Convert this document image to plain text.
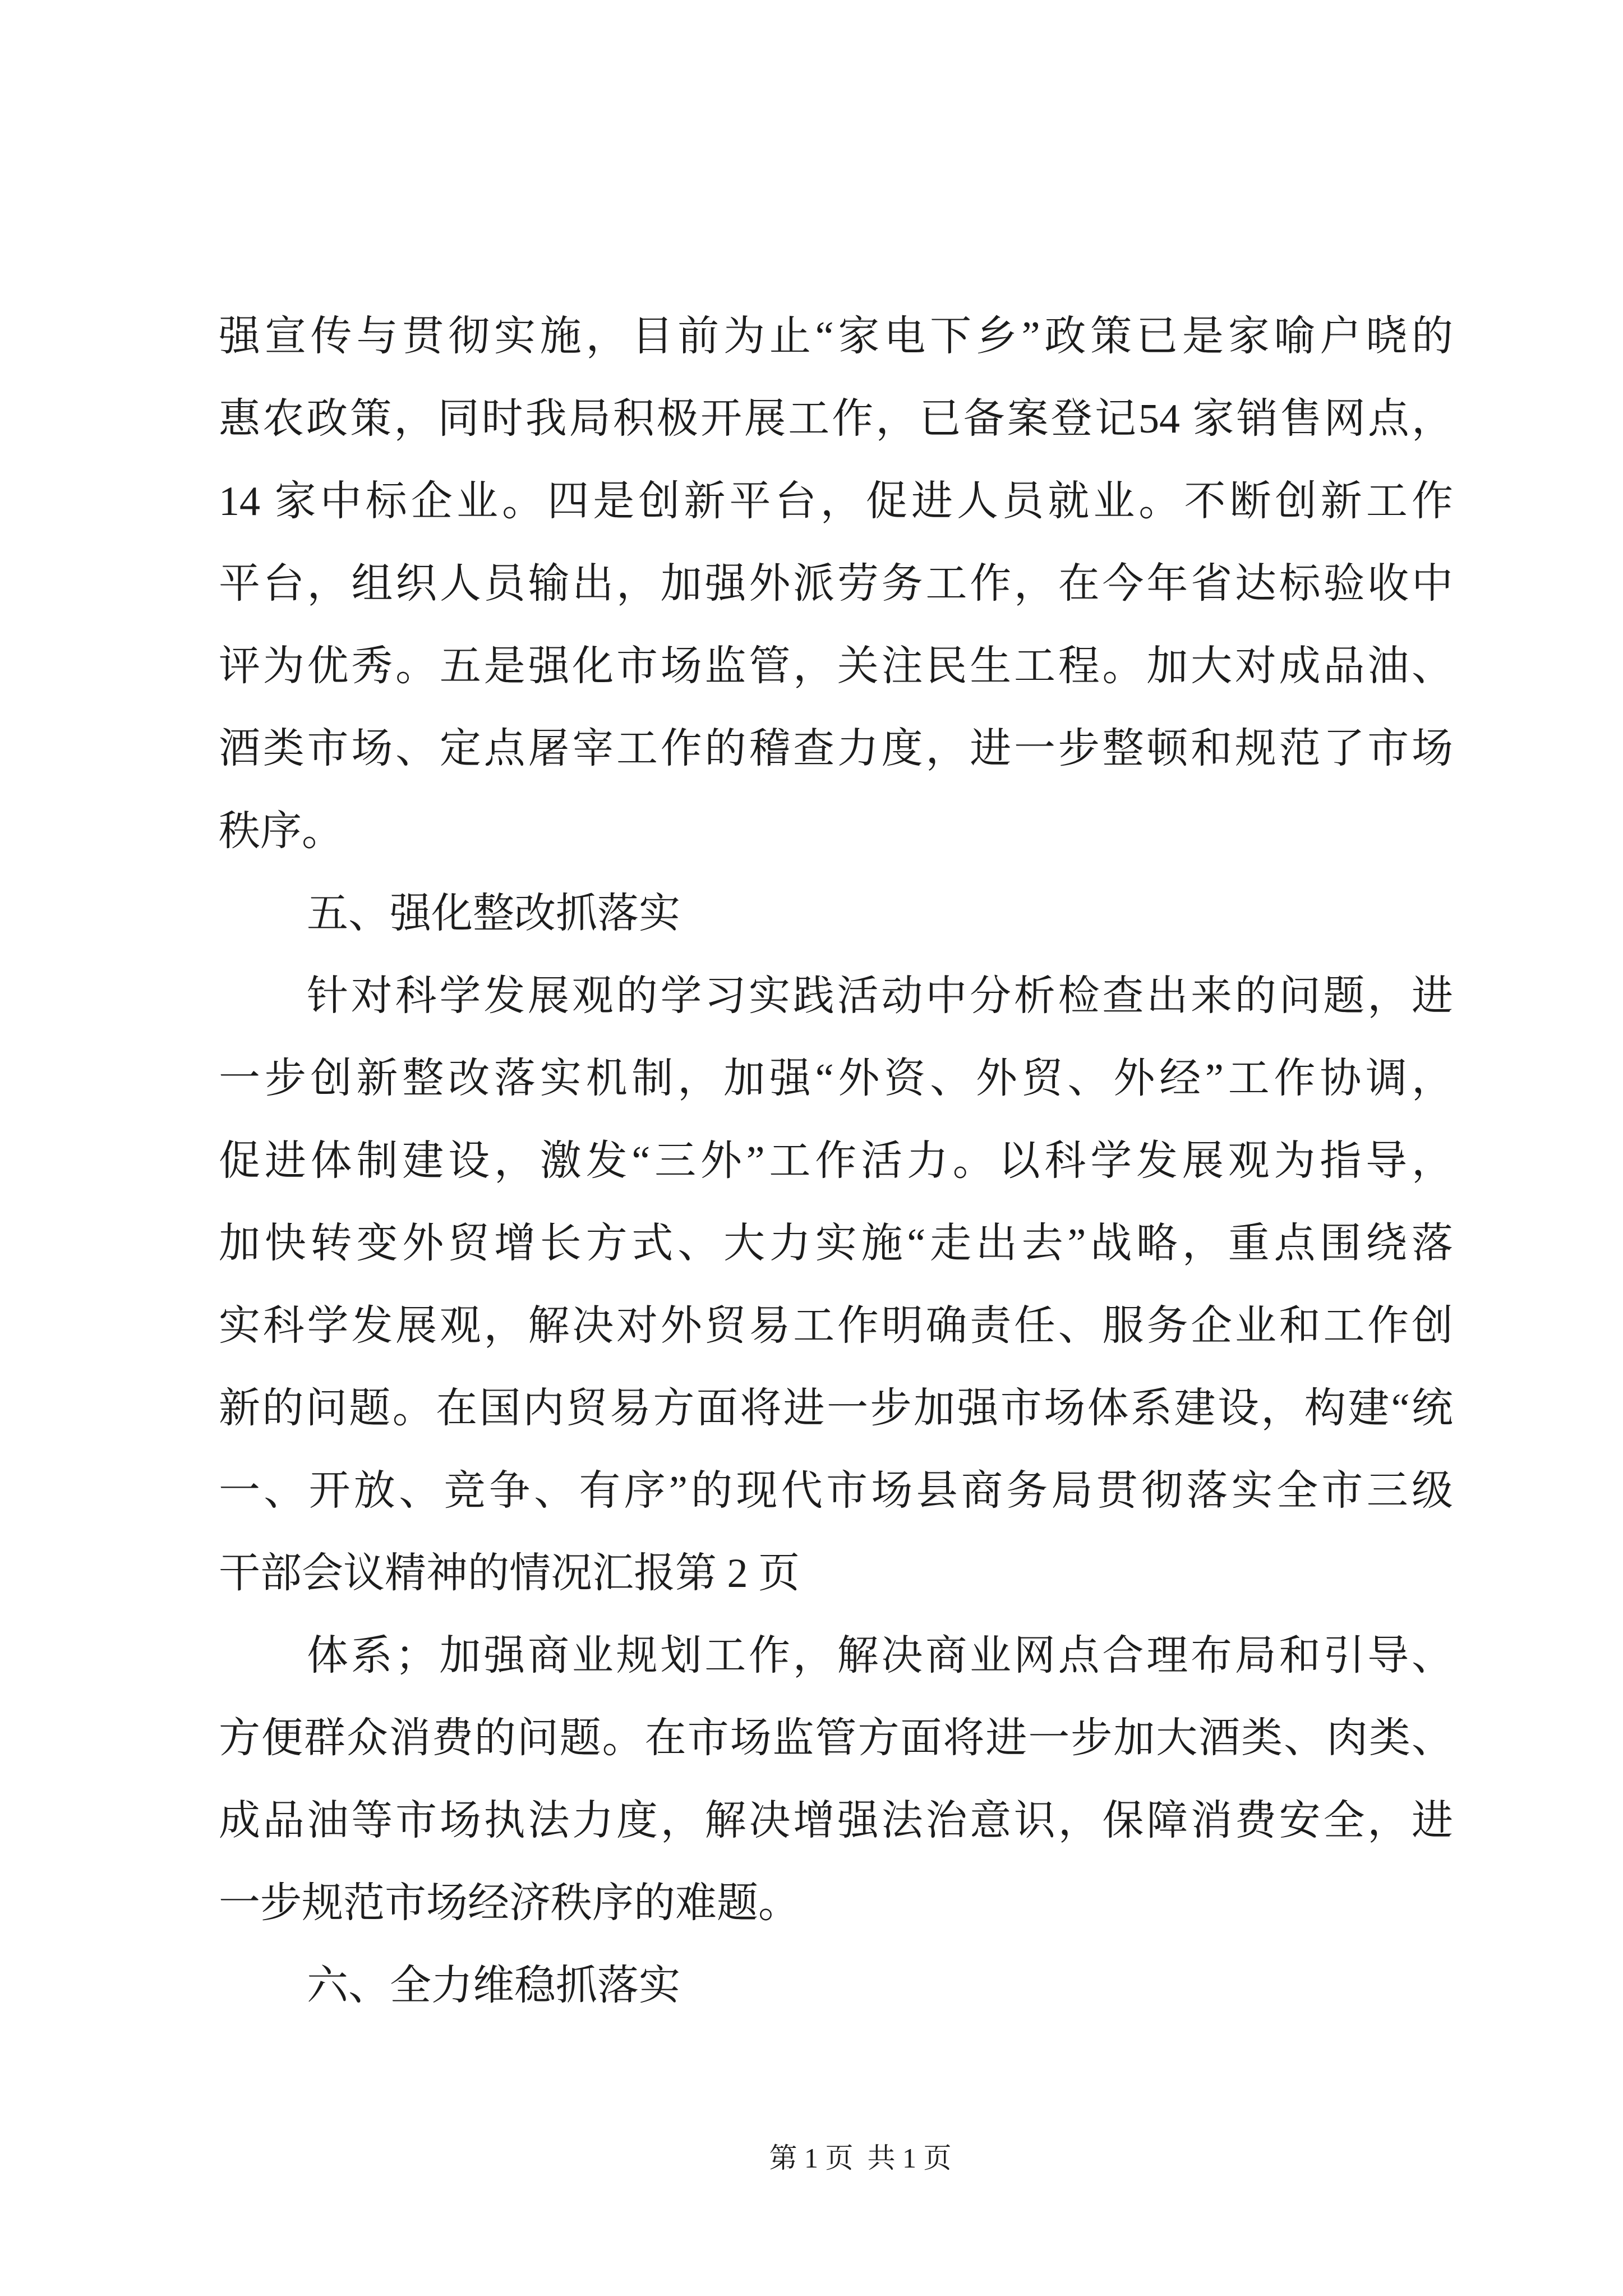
强宣传与贯彻实施，目前为止“家电下乡”政策已是家喻户晓的
惠农政策，同时我局积极开展工作，已备案登记54 家销售网点，
14 家中标企业。四是创新平台，促进人员就业。不断创新工作
平台，组织人员输出，加强外派劳务工作，在今年省达标验收中
评为优秀。五是强化市场监管，关注民生工程。加大对成品油、
酒类市场、定点屠宰工作的稽查力度，进一步整顿和规范了市场
秩序。
五、强化整改抓落实
针对科学发展观的学习实践活动中分析检查出来的问题，进
一步创新整改落实机制，加强“外资、外贸、外经”工作协调，
促进体制建设，激发“三外”工作活力。以科学发展观为指导，
加快转变外贸增长方式、大力实施“走出去”战略，重点围绕落
实科学发展观，解决对外贸易工作明确责任、服务企业和工作创
新的问题。在国内贸易方面将进一步加强市场体系建设，构建“统
一、开放、竞争、有序”的现代市场县商务局贯彻落实全市三级
干部会议精神的情况汇报第 2 页
体系；加强商业规划工作，解决商业网点合理布局和引导、
方便群众消费的问题。在市场监管方面将进一步加大酒类、肉类、
成品油等市场执法力度，解决增强法治意识，保障消费安全，进
一步规范市场经济秩序的难题。
六、全力维稳抓落实
第 1 页  共 1 页
